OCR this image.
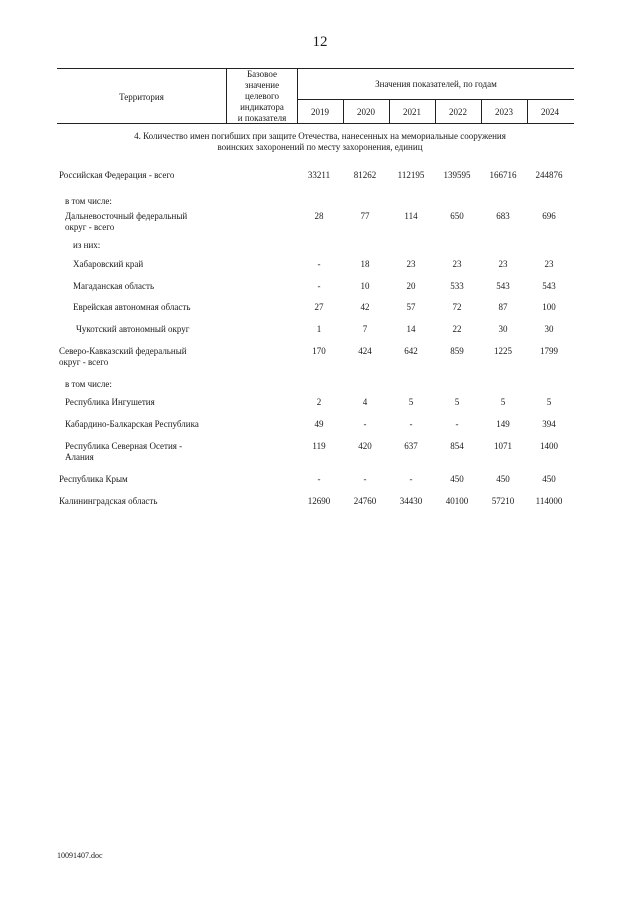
12
Территория
Базовое
значение
целевого
индикатора
и показателя
Значения показателей, по годам
2019	2020	2021	2022	2023	2024
4. Количество имен погибших при защите Отечества, нанесенных на мемориальные сооружения
воинских захоронений по месту захоронения, единиц
Российская Федерация - всего	33211	81262	112195	139595	166716	244876
в том числе:
Дальневосточный федеральный
округ - всего
28	77	114	650	683	696
из них:
Хабаровский край	-	18	23	23	23	23
Магаданская область	-	10	20	533	543	543
Еврейская автономная область	27	42	57	72	87	100
Чукотский автономный округ	1	7	14	22	30	30
Северо-Кавказский федеральный
округ - всего
170	424	642	859	1225	1799
в том числе:
Республика Ингушетия	2	4	5	5	5	5
Кабардино-Балкарская Республика	49	-	-	-	149	394
Республика Северная Осетия -
Алания
119	420	637	854	1071	1400
Республика Крым	-	-	-	450	450	450
Калининградская область	12690	24760	34430	40100	57210	114000
10091407.doc
